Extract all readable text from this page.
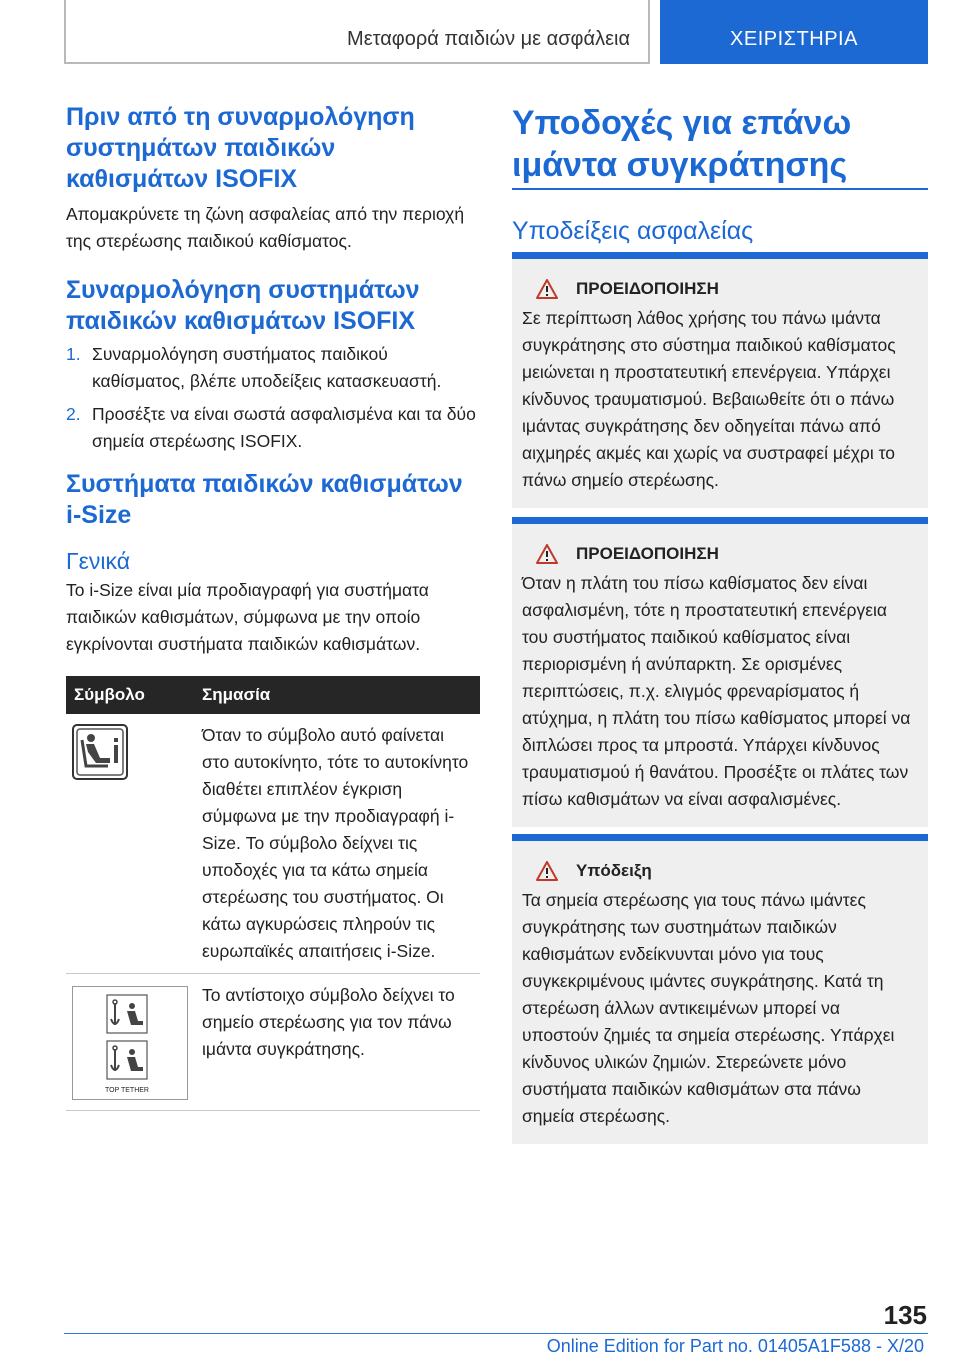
Μεταφορά παιδιών με ασφάλεια	ΧΕΙΡΙΣΤΗΡΙΑ
Πριν από τη συναρμολόγηση συστημάτων παιδικών καθισμάτων ISOFIX

Απομακρύνετε τη ζώνη ασφαλείας από την περιοχή της στερέωσης παιδικού καθίσματος.

Συναρμολόγηση συστημάτων παιδικών καθισμάτων ISOFIX
1. Συναρμολόγηση συστήματος παιδικού καθίσματος, βλέπε υποδείξεις κατασκευαστή.
2. Προσέξτε να είναι σωστά ασφαλισμένα και τα δύο σημεία στερέωσης ISOFIX.
Συστήματα παιδικών καθισμάτων i-Size
Γενικά

Το i-Size είναι μία προδιαγραφή για συστήματα παιδικών καθισμάτων, σύμφωνα με την οποίο εγκρίνονται συστήματα παιδικών καθισμάτων.

Σύμβολο	Σημασία

	Όταν το σύμβολο αυτό φαίνεται στο αυτοκίνητο, τότε το αυτοκίνητο διαθέτει επιπλέον έγκριση σύμφωνα με την προδιαγραφή i-Size. Το σύμβολο δείχνει τις υποδοχές για τα κάτω σημεία στερέωσης του συστήματος. Οι κάτω αγκυρώσεις πληρούν τις ευρωπαϊκές απαιτήσεις i-Size.

TOP TETHER	Το αντίστοιχο σύμβολο δείχνει το σημείο στερέωσης για τον πάνω ιμάντα συγκράτησης.
Υποδοχές για επάνω ιμάντα συγκράτησης
Υποδείξεις ασφαλείας
ΠΡΟΕΙΔΟΠΟΙΗΣΗ

Σε περίπτωση λάθος χρήσης του πάνω ιμάντα συγκράτησης στο σύστημα παιδικού καθίσματος μειώνεται η προστατευτική επενέργεια. Υπάρχει κίνδυνος τραυματισμού. Βεβαιωθείτε ότι ο πάνω ιμάντας συγκράτησης δεν οδηγείται πάνω από αιχμηρές ακμές και χωρίς να συστραφεί μέχρι το πάνω σημείο στερέωσης.

ΠΡΟΕΙΔΟΠΟΙΗΣΗ

Όταν η πλάτη του πίσω καθίσματος δεν είναι ασφαλισμένη, τότε η προστατευτική επενέργεια του συστήματος παιδικού καθίσματος είναι περιορισμένη ή ανύπαρκτη. Σε ορισμένες περιπτώσεις, π.χ. ελιγμός φρεναρίσματος ή ατύχημα, η πλάτη του πίσω καθίσματος μπορεί να διπλώσει προς τα μπροστά. Υπάρχει κίνδυνος τραυματισμού ή θανάτου. Προσέξτε οι πλάτες των πίσω καθισμάτων να είναι ασφαλισμένες.

Υπόδειξη

Τα σημεία στερέωσης για τους πάνω ιμάντες συγκράτησης των συστημάτων παιδικών καθισμάτων ενδείκνυνται μόνο για τους συγκεκριμένους ιμάντες συγκράτησης. Κατά τη στερέωση άλλων αντικειμένων μπορεί να υποστούν ζημιές τα σημεία στερέωσης. Υπάρχει κίνδυνος υλικών ζημιών. Στερεώνετε μόνο συστήματα παιδικών καθισμάτων στα πάνω σημεία στερέωσης.

135
Online Edition for Part no. 01405A1F588 - X/20
